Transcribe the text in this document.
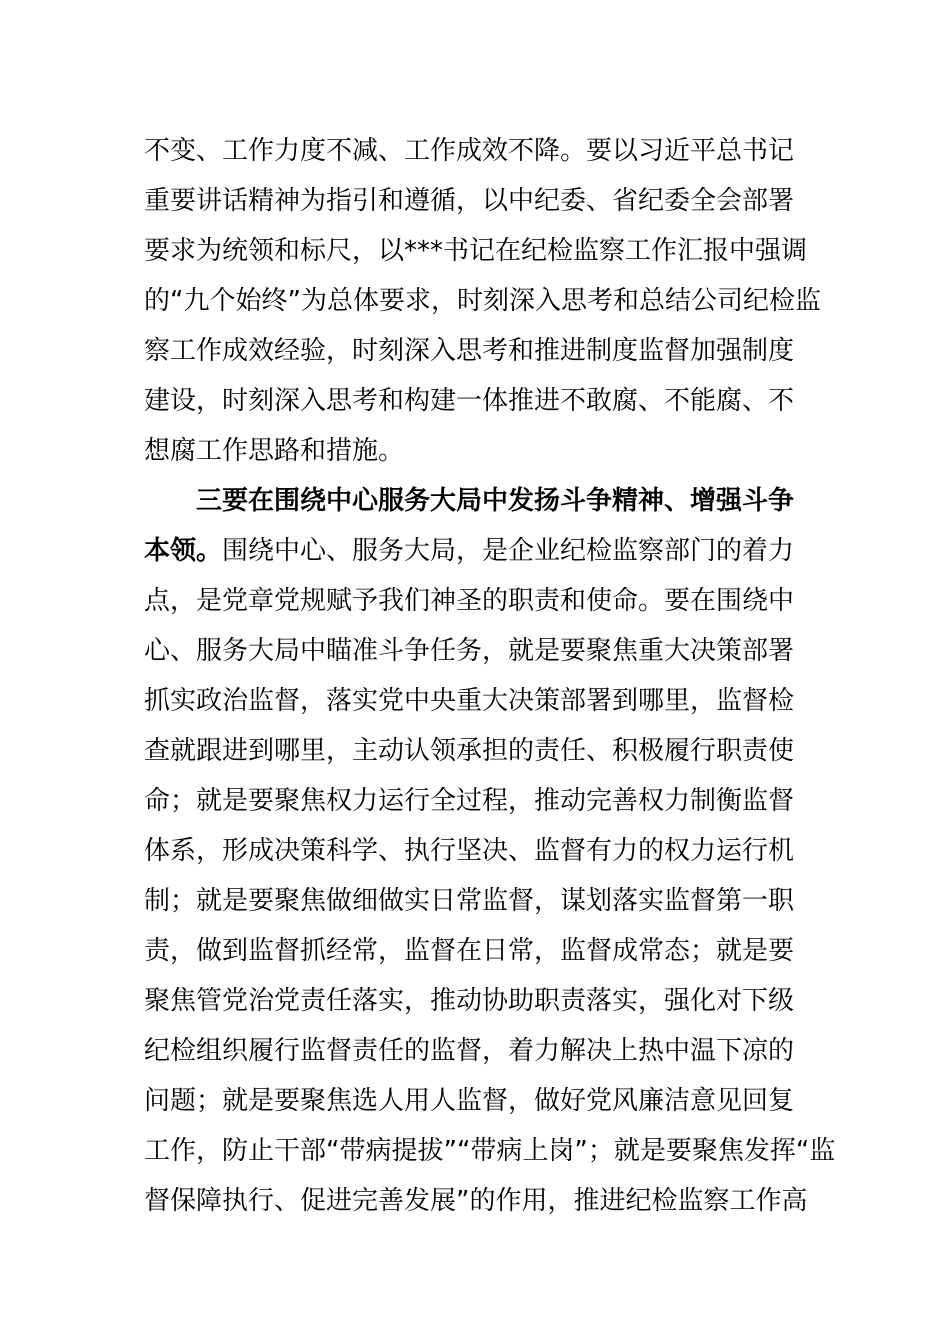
不变、工作力度不减、工作成效不降。要以习近平总书记
重要讲话精神为指引和遵循，以中纪委、省纪委全会部署
要求为统领和标尺，以***书记在纪检监察工作汇报中强调
的“九个始终”为总体要求，时刻深入思考和总结公司纪检监
察工作成效经验，时刻深入思考和推进制度监督加强制度
建设，时刻深入思考和构建一体推进不敢腐、不能腐、不
想腐工作思路和措施。
三要在围绕中心服务大局中发扬斗争精神、增强斗争
本领。围绕中心、服务大局，是企业纪检监察部门的着力
点，是党章党规赋予我们神圣的职责和使命。要在围绕中
心、服务大局中瞄准斗争任务，就是要聚焦重大决策部署
抓实政治监督，落实党中央重大决策部署到哪里，监督检
查就跟进到哪里，主动认领承担的责任、积极履行职责使
命；就是要聚焦权力运行全过程，推动完善权力制衡监督
体系，形成决策科学、执行坚决、监督有力的权力运行机
制；就是要聚焦做细做实日常监督，谋划落实监督第一职
责，做到监督抓经常，监督在日常，监督成常态；就是要
聚焦管党治党责任落实，推动协助职责落实，强化对下级
纪检组织履行监督责任的监督，着力解决上热中温下凉的
问题；就是要聚焦选人用人监督，做好党风廉洁意见回复
工作，防止干部“带病提拔”“带病上岗”；就是要聚焦发挥“监
督保障执行、促进完善发展”的作用，推进纪检监察工作高
